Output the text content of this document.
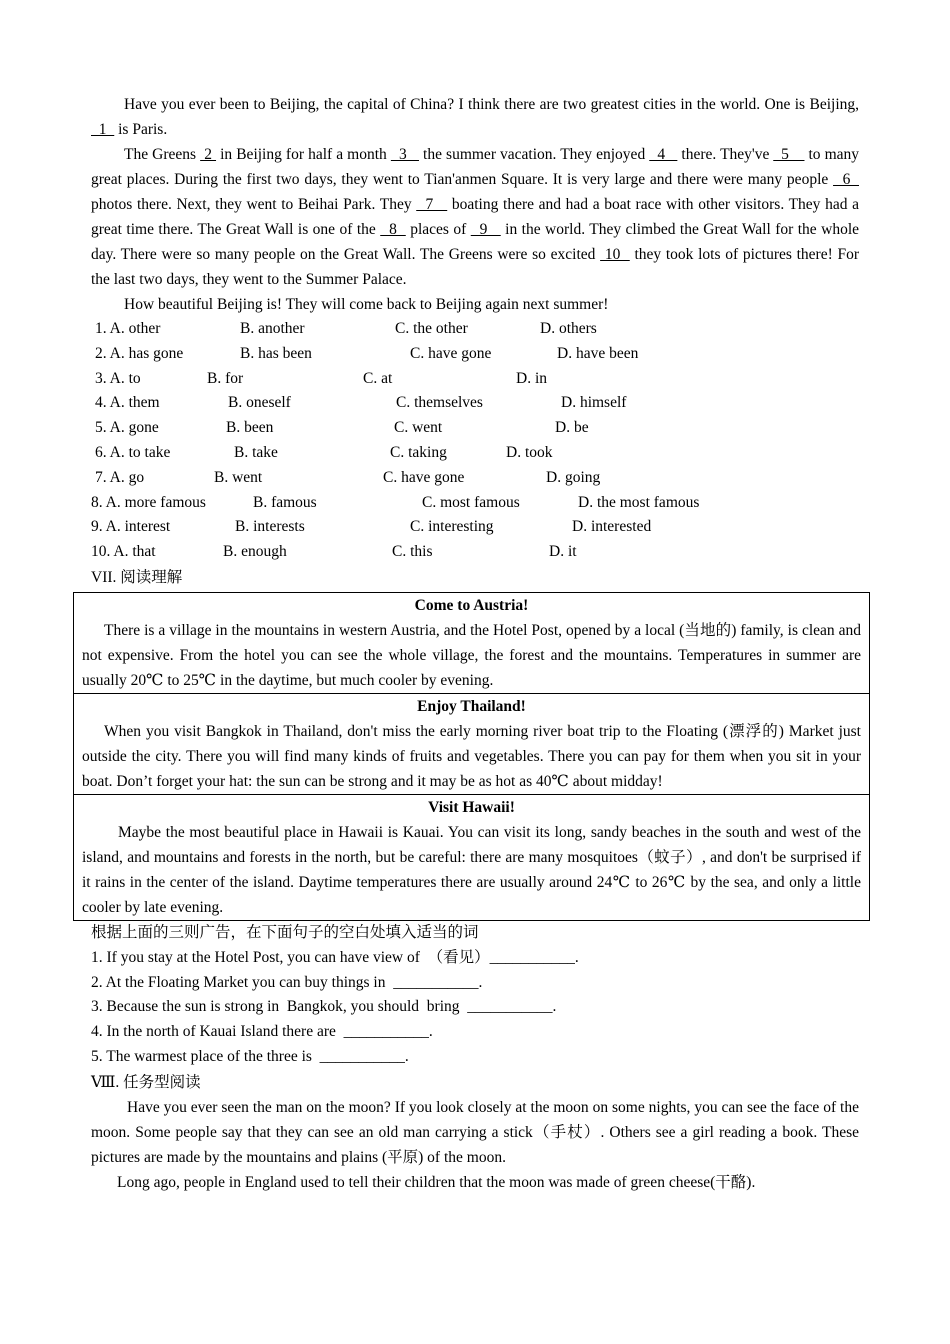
Have you ever been to Beijing, the capital of China? I think there are two greatest cities in the world. One is Beijing,   1   is Paris.

The Greens  2  in Beijing for half a month   3    the summer vacation. They enjoyed   4    there. They've _5__ to many great places. During the first two days, they went to Tian'anmen Square. It is very large and there were many people   6   photos there. Next, they went to Beihai Park. They   7    boating there and had a boat race with other visitors. They had a great time there. The Great Wall is one of the   8   places of   9    in the world. They climbed the Great Wall for the whole day. There were so many people on the Great Wall. The Greens were so excited  10   they took lots of pictures there! For the last two days, they went to the Summer Palace.

How beautiful Beijing is! They will come back to Beijing again next summer!

1. A. other	B. another	C. the other	D. others
2. A. has gone	B. has been	C. have gone	D. have been
3. A. to	B. for	C. at	D. in
4. A. them	B. oneself	C. themselves	D. himself
5. A. gone	B. been	C. went	D. be
6. A. to take	B. take	C. taking	D. took
7. A. go	B. went	C. have gone	D. going
8. A. more famous	B. famous	C. most famous	D. the most famous
9. A. interest	B. interests	C. interesting	D. interested
10. A. that	B. enough	C. this	D. it
VII. 阅读理解
Come to Austria!

There is a village in the mountains in western Austria, and the Hotel Post, opened by a local (当地的) family, is clean and not expensive. From the hotel you can see the whole village, the forest and the mountains. Temperatures in summer are usually 20℃ to 25℃ in the daytime, but much cooler by evening.

Enjoy Thailand!

When you visit Bangkok in Thailand, don't miss the early morning river boat trip to the Floating (漂浮的) Market just outside the city. There you will find many kinds of fruits and vegetables. There you can pay for them when you sit in your boat. Don’t forget your hat: the sun can be strong and it may be as hot as 40℃ about midday!

Visit Hawaii!

Maybe the most beautiful place in Hawaii is Kauai. You can visit its long, sandy beaches in the south and west of the island, and mountains and forests in the north, but be careful: there are many mosquitoes（蚊子）, and don't be surprised if it rains in the center of the island. Daytime temperatures there are usually around 24℃ to 26℃ by the sea, and only a little cooler by late evening.

根据上面的三则广告，在下面句子的空白处填入适当的词
1. If you stay at the Hotel Post, you can have view of  （看见）___________.
2. At the Floating Market you can buy things in  ___________.
3. Because the sun is strong in  Bangkok, you should  bring  ___________.
4. In the north of Kauai Island there are  ___________.
5. The warmest place of the three is  ___________.
Ⅷ. 任务型阅读

Have you ever seen the man on the moon? If you look closely at the moon on some nights, you can see the face of the moon. Some people say that they can see an old man carrying a stick（手杖）. Others see a girl reading a book. These pictures are made by the mountains and plains (平原) of the moon.

Long ago, people in England used to tell their children that the moon was made of green cheese(干酪).
